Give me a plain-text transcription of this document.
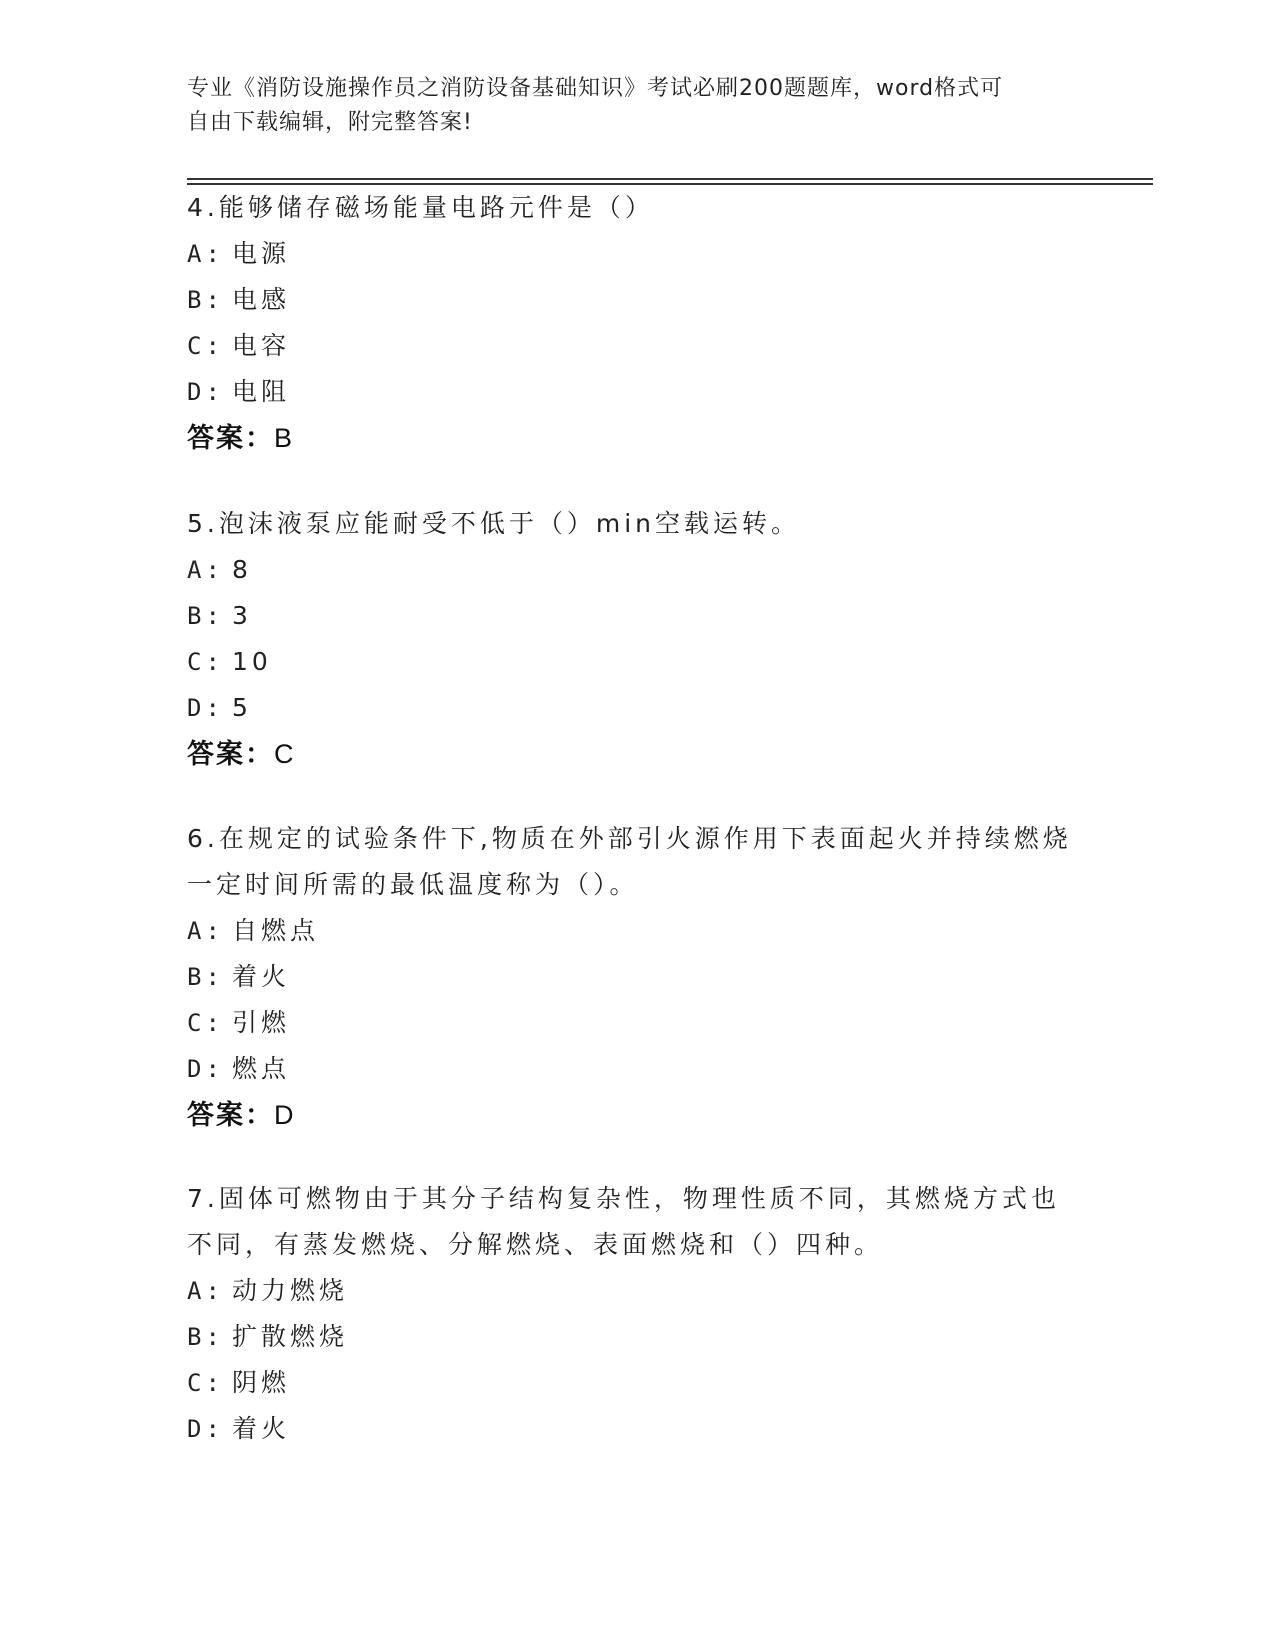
专业《消防设施操作员之消防设备基础知识》考试必刷200题题库，word格式可
自由下载编辑，附完整答案!
4.能够储存磁场能量电路元件是（）
A: 电源
B: 电感
C: 电容
D: 电阻
答案：B
5.泡沫液泵应能耐受不低于（）min空载运转。
A: 8
B: 3
C: 10
D: 5
答案：C
6.在规定的试验条件下,物质在外部引火源作用下表面起火并持续燃烧
一定时间所需的最低温度称为（）。
A: 自燃点
B: 着火
C: 引燃
D: 燃点
答案：D
7.固体可燃物由于其分子结构复杂性，物理性质不同，其燃烧方式也
不同，有蒸发燃烧、分解燃烧、表面燃烧和（）四种。
A: 动力燃烧
B: 扩散燃烧
C: 阴燃
D: 着火
